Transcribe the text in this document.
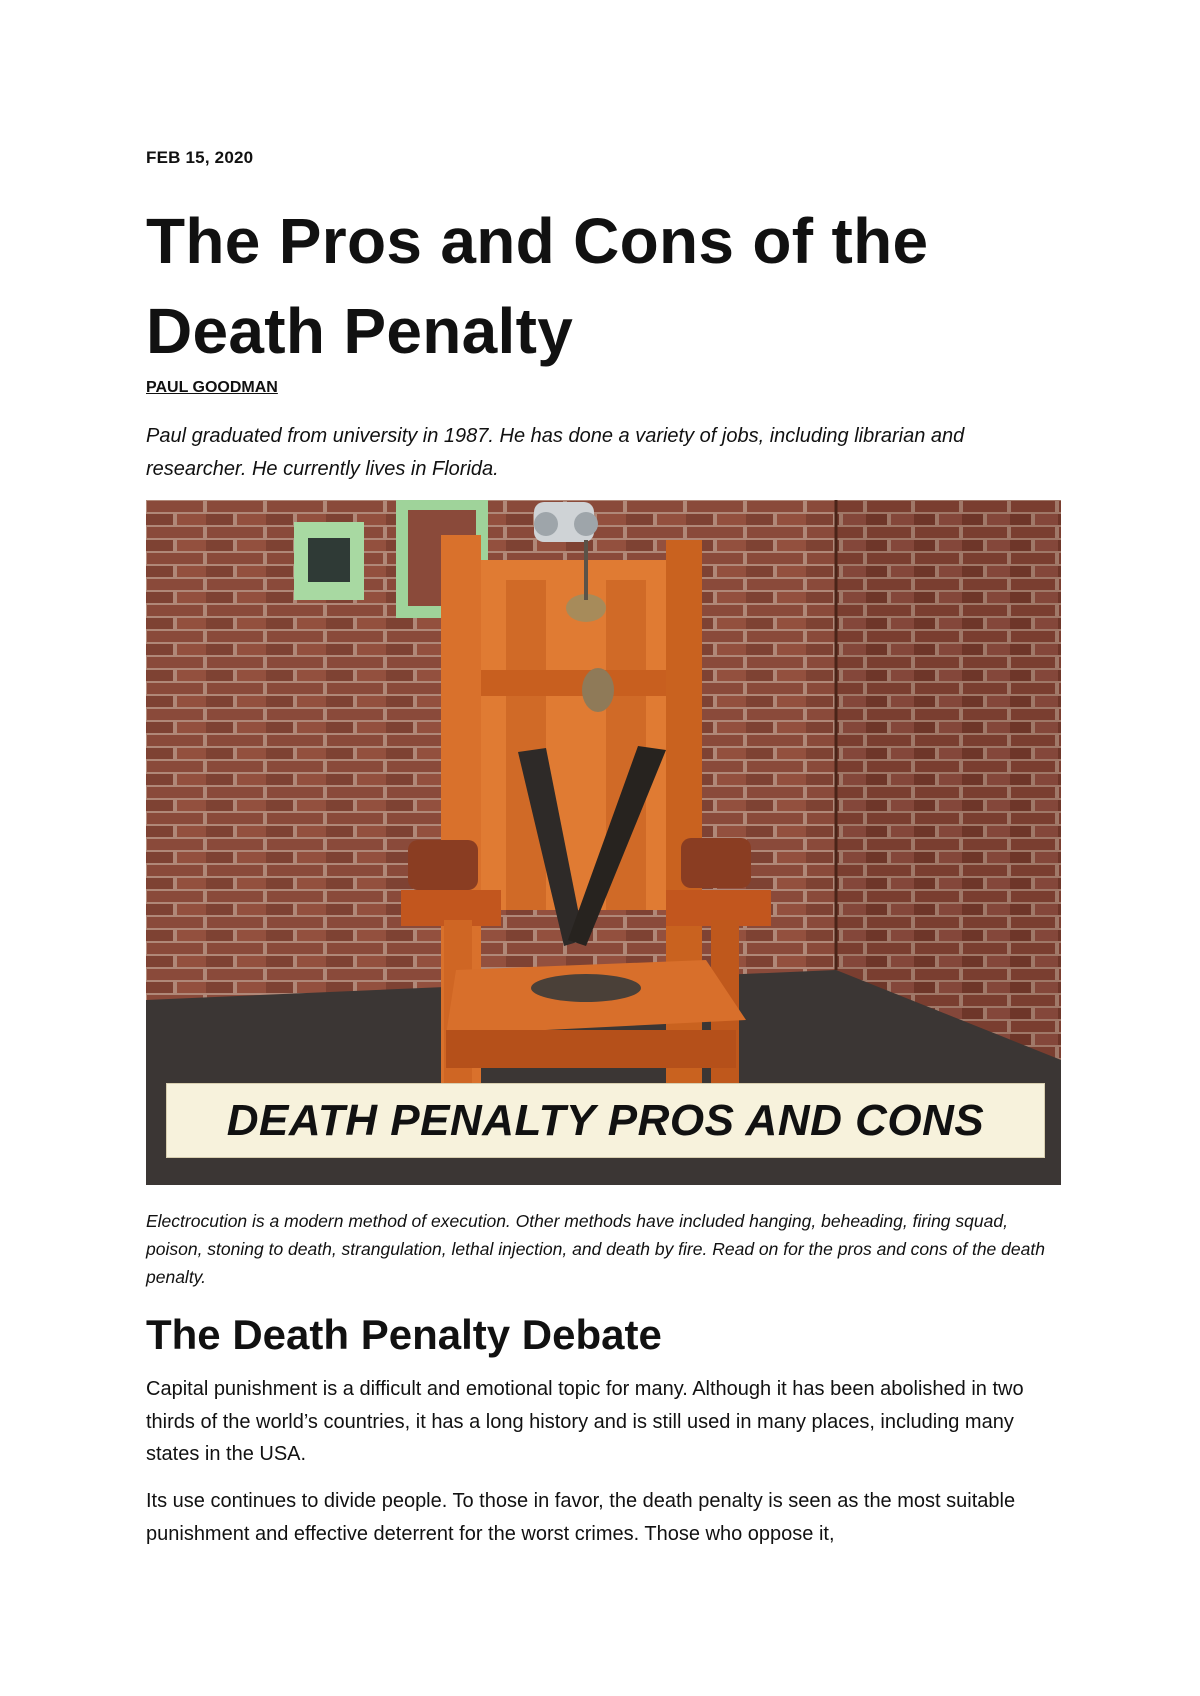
FEB 15, 2020
The Pros and Cons of the Death Penalty
PAUL GOODMAN

Paul graduated from university in 1987. He has done a variety of jobs, including librarian and researcher. He currently lives in Florida.

DEATH PENALTY PROS AND CONS

Electrocution is a modern method of execution. Other methods have included hanging, beheading, firing squad, poison, stoning to death, strangulation, lethal injection, and death by fire. Read on for the pros and cons of the death penalty.

The Death Penalty Debate

Capital punishment is a difficult and emotional topic for many. Although it has been abolished in two thirds of the world’s countries, it has a long history and is still used in many places, including many states in the USA.

Its use continues to divide people. To those in favor, the death penalty is seen as the most suitable punishment and effective deterrent for the worst crimes. Those who oppose it,
